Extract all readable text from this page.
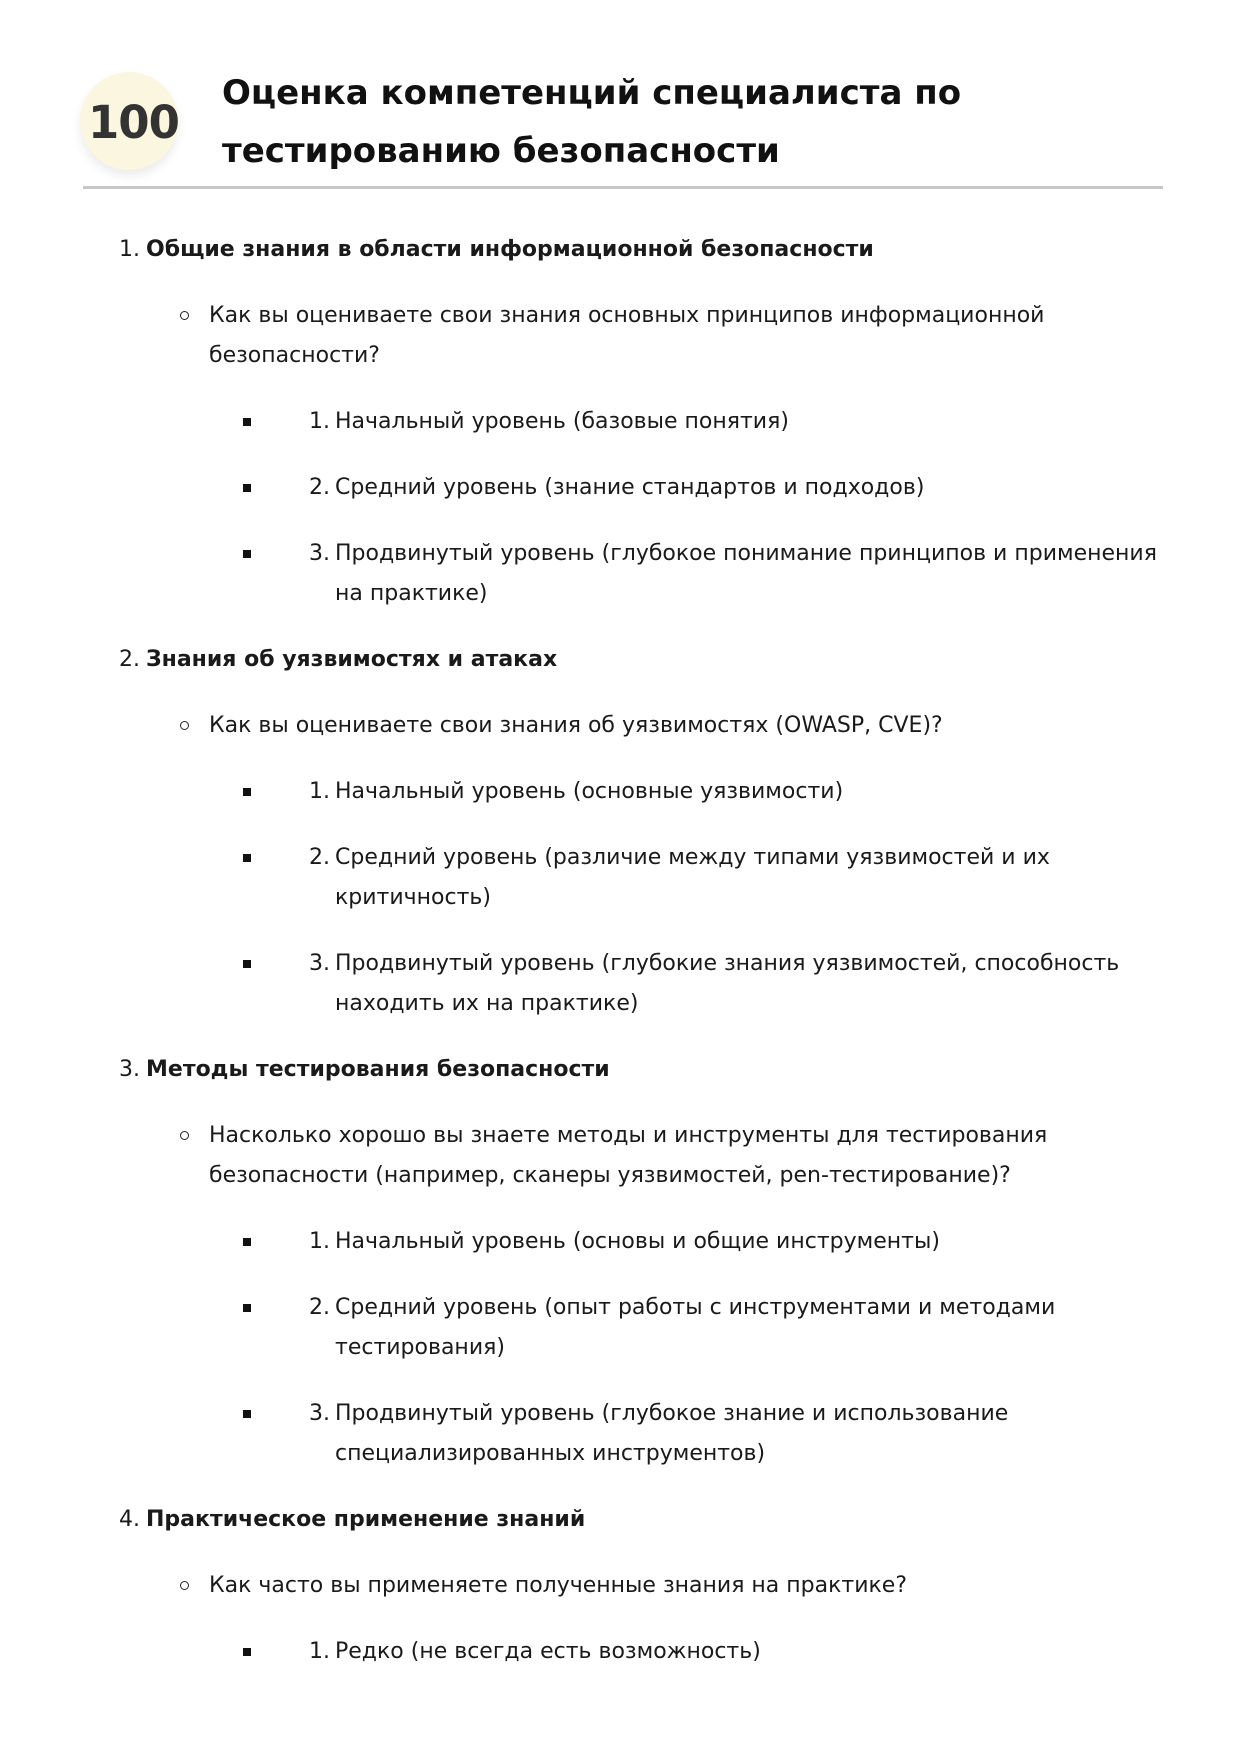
100
Оценка компетенций специалиста по тестированию безопасности
1. Общие знания в области информационной безопасности
Как вы оцениваете свои знания основных принципов информационной безопасности?
1. Начальный уровень (базовые понятия)
2. Средний уровень (знание стандартов и подходов)
3. Продвинутый уровень (глубокое понимание принципов и применения на практике)
2. Знания об уязвимостях и атаках
Как вы оцениваете свои знания об уязвимостях (OWASP, CVE)?
1. Начальный уровень (основные уязвимости)
2. Средний уровень (различие между типами уязвимостей и их критичность)
3. Продвинутый уровень (глубокие знания уязвимостей, способность находить их на практике)
3. Методы тестирования безопасности
Насколько хорошо вы знаете методы и инструменты для тестирования безопасности (например, сканеры уязвимостей, pen-тестирование)?
1. Начальный уровень (основы и общие инструменты)
2. Средний уровень (опыт работы с инструментами и методами тестирования)
3. Продвинутый уровень (глубокое знание и использование специализированных инструментов)
4. Практическое применение знаний
Как часто вы применяете полученные знания на практике?
1. Редко (не всегда есть возможность)
